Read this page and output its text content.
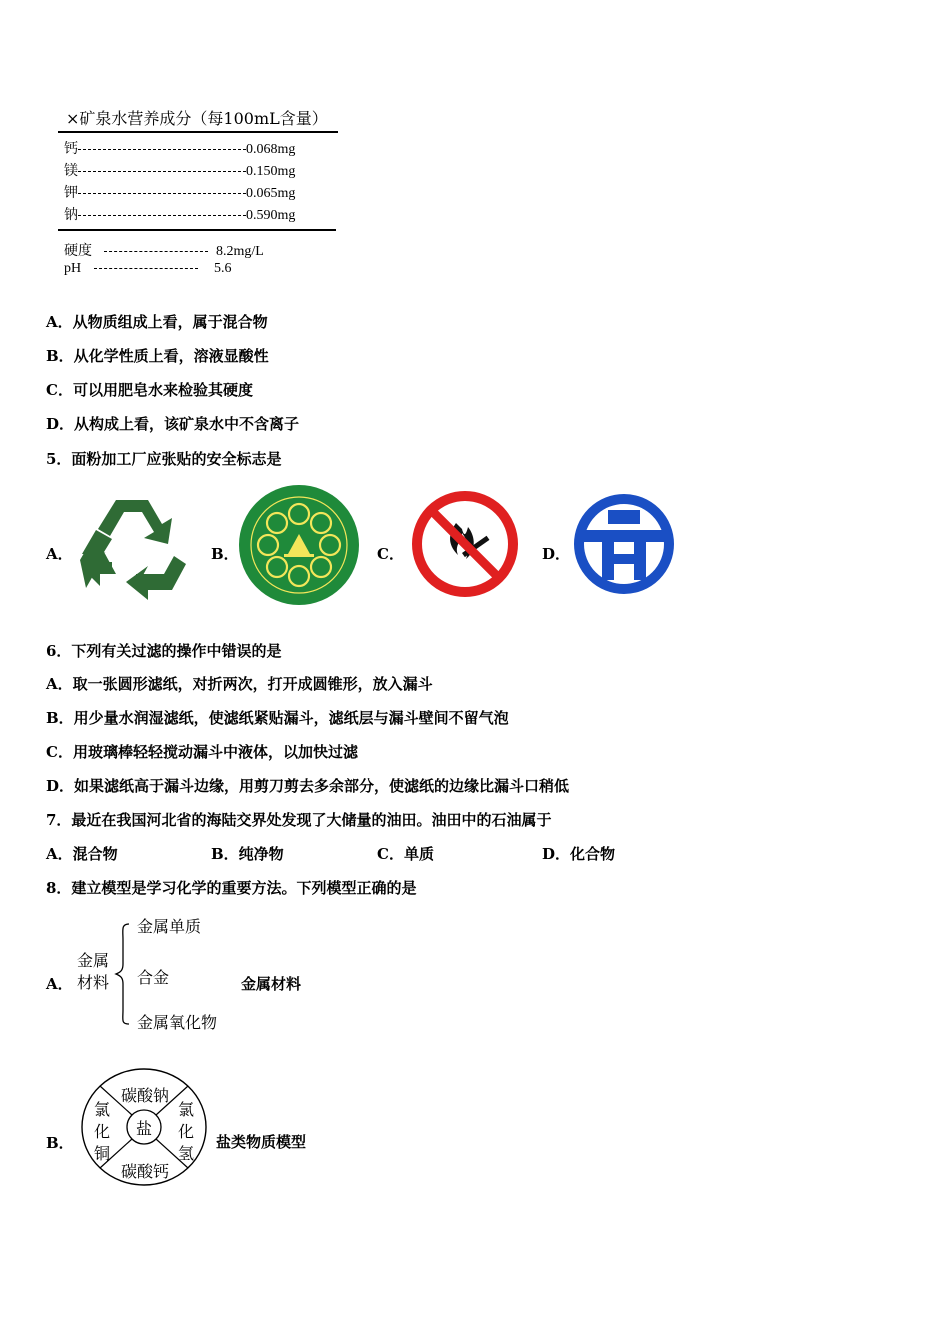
×矿泉水营养成分（每100mL含量）
钙	0.068mg
镁	0.150mg
钾	0.065mg
钠	0.590mg
硬度	8.2mg/L
pH	5.6
A．从物质组成上看，属于混合物
B．从化学性质上看，溶液显酸性
C．可以用肥皂水来检验其硬度
D．从构成上看，该矿泉水中不含离子
5．面粉加工厂应张贴的安全标志是
A．	B．	C．	D．
6．下列有关过滤的操作中错误的是
A．取一张圆形滤纸，对折两次，打开成圆锥形，放入漏斗
B．用少量水润湿滤纸，使滤纸紧贴漏斗，滤纸层与漏斗壁间不留气泡
C．用玻璃棒轻轻搅动漏斗中液体，以加快过滤
D．如果滤纸高于漏斗边缘，用剪刀剪去多余部分，使滤纸的边缘比漏斗口稍低
7．最近在我国河北省的海陆交界处发现了大储量的油田。油田中的石油属于
A．混合物	B．纯净物	C．单质	D．化合物
8．建立模型是学习化学的重要方法。下列模型正确的是
A．
金属
材料
金属单质
合金
金属氧化物
金属材料
B．
盐
碳酸钠
碳酸钙
氯化铜
氯化氢
盐类物质模型
